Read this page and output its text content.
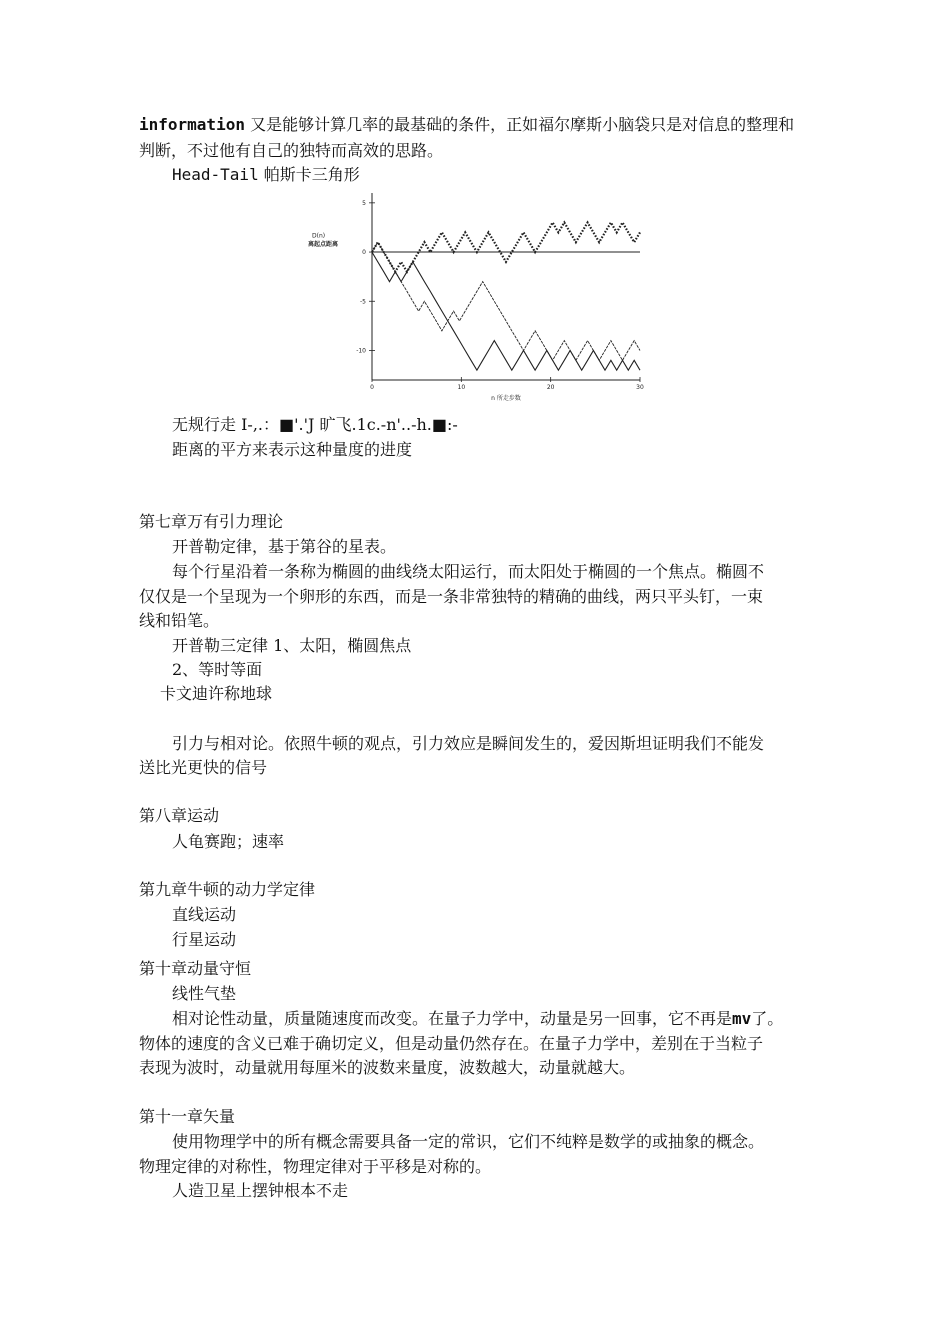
information 又是能够计算几率的最基础的条件，正如福尔摩斯小脑袋只是对信息的整理和
判断，不过他有自己的独特而高效的思路。
Head-Tail 帕斯卡三角形
5
0
-5
-10
0	10	20	30
D(n)
离起点距离
n 所走步数
无规行走 I-,.：■'.'J 旷飞.1c.-n'..-h.■:-
距离的平方来表示这种量度的进度
第七章万有引力理论
开普勒定律，基于第谷的星表。
每个行星沿着一条称为椭圆的曲线绕太阳运行，而太阳处于椭圆的一个焦点。椭圆不
仅仅是一个呈现为一个卵形的东西，而是一条非常独特的精确的曲线，两只平头钉，一束
线和铅笔。
开普勒三定律 1、太阳，椭圆焦点
2、等时等面
卡文迪许称地球
引力与相对论。依照牛顿的观点，引力效应是瞬间发生的，爱因斯坦证明我们不能发
送比光更快的信号
第八章运动
人龟赛跑；速率
第九章牛顿的动力学定律
直线运动
行星运动
第十章动量守恒
线性气垫
相对论性动量，质量随速度而改变。在量子力学中，动量是另一回事，它不再是mv了。
物体的速度的含义已难于确切定义，但是动量仍然存在。在量子力学中，差别在于当粒子
表现为波时，动量就用每厘米的波数来量度，波数越大，动量就越大。
第十一章矢量
使用物理学中的所有概念需要具备一定的常识，它们不纯粹是数学的或抽象的概念。
物理定律的对称性，物理定律对于平移是对称的。
人造卫星上摆钟根本不走
